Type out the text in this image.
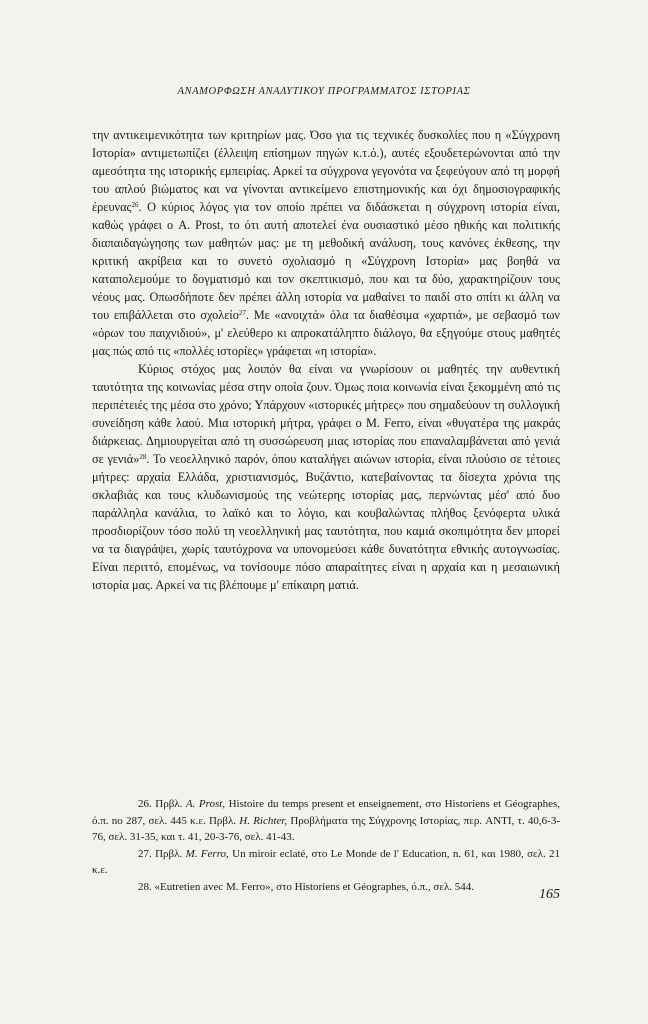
ΑΝΑΜΟΡΦΩΣΗ ΑΝΑΛΥΤΙΚΟΥ ΠΡΟΓΡΑΜΜΑΤΟΣ ΙΣΤΟΡΙΑΣ

την αντικειμενικότητα των κριτηρίων μας. Όσο για τις τεχνικές δυσκολίες που η «Σύγχρονη Ιστορία» αντιμετωπίζει (έλλειψη επίσημων πηγών κ.τ.ό.), αυτές εξουδετερώνονται από την αμεσότητα της ιστορικής εμπειρίας. Αρκεί τα σύγχρονα γεγονότα να ξεφεύγουν από τη μορφή του απλού βιώματος και να γίνονται αντικείμενο επιστημονικής και όχι δημοσιογραφικής έρευνας$^{26}$. Ο κύριος λόγος για τον οποίο πρέπει να διδάσκεται η σύγχρονη ιστορία είναι, καθώς γράφει ο A. Prost, το ότι αυτή αποτελεί ένα ουσιαστικό μέσο ηθικής και πολιτικής διαπαιδαγώγησης των μαθητών μας: με τη μεθοδική ανάλυση, τους κανόνες έκθεσης, την κριτική ακρίβεια και το συνετό σχολιασμό η «Σύγχρονη Ιστορία» μας βοηθά να καταπολεμούμε το δογματισμό και τον σκεπτικισμό, που και τα δύο, χαρακτηρίζουν τους νέους μας. Οπωσδήποτε δεν πρέπει άλλη ιστορία να μαθαίνει το παιδί στο σπίτι κι άλλη να του επιβάλλεται στο σχολείο$^{27}$. Με «ανοιχτά» όλα τα διαθέσιμα «χαρτιά», με σεβασμό των «όρων του παιχνιδιού», μ' ελεύθερο κι απροκατάληπτο διάλογο, θα εξηγούμε στους μαθητές μας πώς από τις «πολλές ιστορίες» γράφεται «η ιστορία».

Κύριος στόχος μας λοιπόν θα είναι να γνωρίσουν οι μαθητές την αυθεντική ταυτότητα της κοινωνίας μέσα στην οποία ζουν. Όμως ποια κοινωνία είναι ξεκομμένη από τις περιπέτειές της μέσα στο χρόνο; Υπάρχουν «ιστορικές μήτρες» που σημαδεύουν τη συλλογική συνείδηση κάθε λαού. Μια ιστορική μήτρα, γράφει ο M. Ferro, είναι «θυγατέρα της μακράς διάρκειας. Δημιουργείται από τη συσσώρευση μιας ιστορίας που επαναλαμβάνεται από γενιά σε γενιά»$^{28}$. Το νεοελληνικό παρόν, όπου καταλήγει αιώνων ιστορία, είναι πλούσιο σε τέτοιες μήτρες: αρχαία Ελλάδα, χριστιανισμός, Βυζάντιο, κατεβαίνοντας τα δίσεχτα χρόνια της σκλαβιάς και τους κλυδωνισμούς της νεώτερης ιστορίας μας, περνώντας μέσ' από δυο παράλληλα κανάλια, το λαϊκό και το λόγιο, και κουβαλώντας πλήθος ξενόφερτα υλικά προσδιορίζουν τόσο πολύ τη νεοελληνική μας ταυτότητα, που καμιά σκοπιμότητα δεν μπορεί να τα διαγράψει, χωρίς ταυτόχρονα να υπονομεύσει κάθε δυνατότητα εθνικής αυτογνωσίας. Είναι περιττό, επομένως, να τονίσουμε πόσο απαραίτητες είναι η αρχαία και η μεσαιωνική ιστορία μας. Αρκεί να τις βλέπουμε μ' επίκαιρη ματιά.

26. Πρβλ. A. Prost, Histoire du temps present et enseignement, στο Historiens et Géographes, ό.π. no 287, σελ. 445 κ.ε. Πρβλ. H. Richter, Προβλήματα της Σύγχρονης Ιστορίας, περ. ANTI, τ. 40,6-3-76, σελ. 31-35, και τ. 41, 20-3-76, σελ. 41-43.

27. Πρβλ. M. Ferro, Un miroir eclaté, στο Le Monde de l' Education, n. 61, και 1980, σελ. 21 κ.ε.

28. «Eutretien avec M. Ferro», στο Historiens et Géographes, ό.π., σελ. 544.

165
